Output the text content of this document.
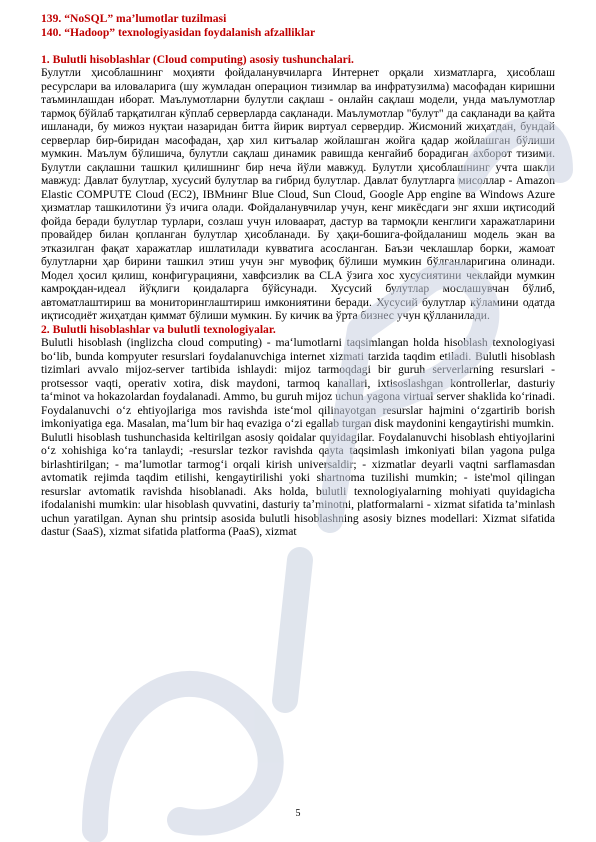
139. “NoSQL” ma’lumotlar tuzilmasi

140. “Hadoop” texnologiyasidan foydalanish afzalliklar

1. Bulutli hisoblashlar (Cloud computing) asosiy tushunchalari.

Булутли ҳисоблашнинг моҳияти фойдаланувчиларга Интернет орқали хизматларга, ҳисоблаш ресурслари ва иловаларига (шу жумладан операцион тизимлар ва инфратузилма) масофадан киришни таъминлашдан иборат. Маълумотларни булутли сақлаш - онлайн сақлаш модели, унда маълумотлар тармоқ бўйлаб тарқатилган кўплаб серверларда сақланади. Маълумотлар "булут" да сақланади ва қайта ишланади, бу мижоз нуқтаи назаридан битта йирик виртуал сервердир. Жисмоний жиҳатдан, бундай серверлар бир-биридан масофадан, ҳар хил китъалар жойлашган жойга қадар жойлашган бўлиши мумкин. Маълум бўлишича, булутли сақлаш динамик равишда кенгайиб борадиган ахборот тизими. Булутли сақлашни ташкил қилишнинг бир неча йўли мавжуд. Булутли ҳисоблашнинг учта шакли мавжуд: Давлат булутлар, хусусий булутлар ва гибрид булутлар. Давлат булутларга мисоллар - Amazon Elastic COMPUTE Cloud (EC2), IBMнинг Blue Cloud, Sun Cloud, Google App engine ва Windows Azure ҳизматлар ташкилотини ўз ичига олади. Фойдаланувчилар учун, кенг микёсдаги энг яхши иқтисодий фойда беради булутлар турлари, созлаш учун иловаарат, дастур ва тармоқли кенглиги харажатларини провайдер билан қопланган булутлар ҳисобланади. Бу ҳақи-бошига-фойдаланиш модель экан ва этказилган фақат харажатлар ишлатилади кувватига асосланган. Баъзи чеклашлар борки, жамоат булутларни ҳар бирини ташкил этиш учун энг мувофиқ бўлиши мумкин бўлганларигина олинади. Модел ҳосил қилиш, конфигурацияни, хавфсизлик ва CLA ўзига хос хусусиятини чеклайди мумкин камроқдан-идеал йўқлиги қоидаларга бўйсунади. Хусусий булутлар мослашувчан бўлиб, автоматлаштириш ва мониторинглаштириш имкониятини беради. Хусусий булутлар кўламини одатда иқтисодиёт жиҳатдан қиммат бўлиши мумкин. Бу кичик ва ўрта бизнес учун қўлланилади.

2. Bulutli hisoblashlar va bulutli texnologiyalar.

Bulutli hisoblash (inglizcha cloud computing) - maʻlumotlarni taqsimlangan holda hisoblash texnologiyasi boʻlib, bunda kompyuter resurslari foydalanuvchiga internet xizmati tarzida taqdim etiladi. Bulutli hisoblash tizimlari avvalo mijoz-server tartibida ishlaydi: mijoz tarmoqdagi bir guruh serverlarning resurslari - protsessor vaqti, operativ xotira, disk maydoni, tarmoq kanallari, ixtisoslashgan kontrollerlar, dasturiy taʻminot va hokazolardan foydalanadi. Ammo, bu guruh mijoz uchun yagona virtual server shaklida koʻrinadi. Foydalanuvchi oʻz ehtiyojlariga mos ravishda isteʻmol qilinayotgan resurslar hajmini oʻzgartirib borish imkoniyatiga ega. Masalan, maʻlum bir haq evaziga oʻzi egallab turgan disk maydonini kengaytirishi mumkin.

Bulutli hisoblash tushunchasida keltirilgan asosiy qoidalar quyidagilar. Foydalanuvchi hisoblash ehtiyojlarini oʻz xohishiga koʻra tanlaydi; -resurslar tezkor ravishda qayta taqsimlash imkoniyati bilan yagona pulga birlashtirilgan; - ma’lumotlar tarmogʻi orqali kirish universaldir; - xizmatlar deyarli vaqtni sarflamasdan avtomatik rejimda taqdim etilishi, kengaytirilishi yoki shartnoma tuzilishi mumkin; - iste'mol qilingan resurslar avtomatik ravishda hisoblanadi. Aks holda, bulutli texnologiyalarning mohiyati quyidagicha ifodalanishi mumkin: ular hisoblash quvvatini, dasturiy taʼminotni, platformalarni - xizmat sifatida ta’minlash uchun yaratilgan. Aynan shu printsip asosida bulutli hisoblashning asosiy biznes modellari: Xizmat sifatida dastur (SaaS), xizmat sifatida platforma (PaaS), xizmat

5
